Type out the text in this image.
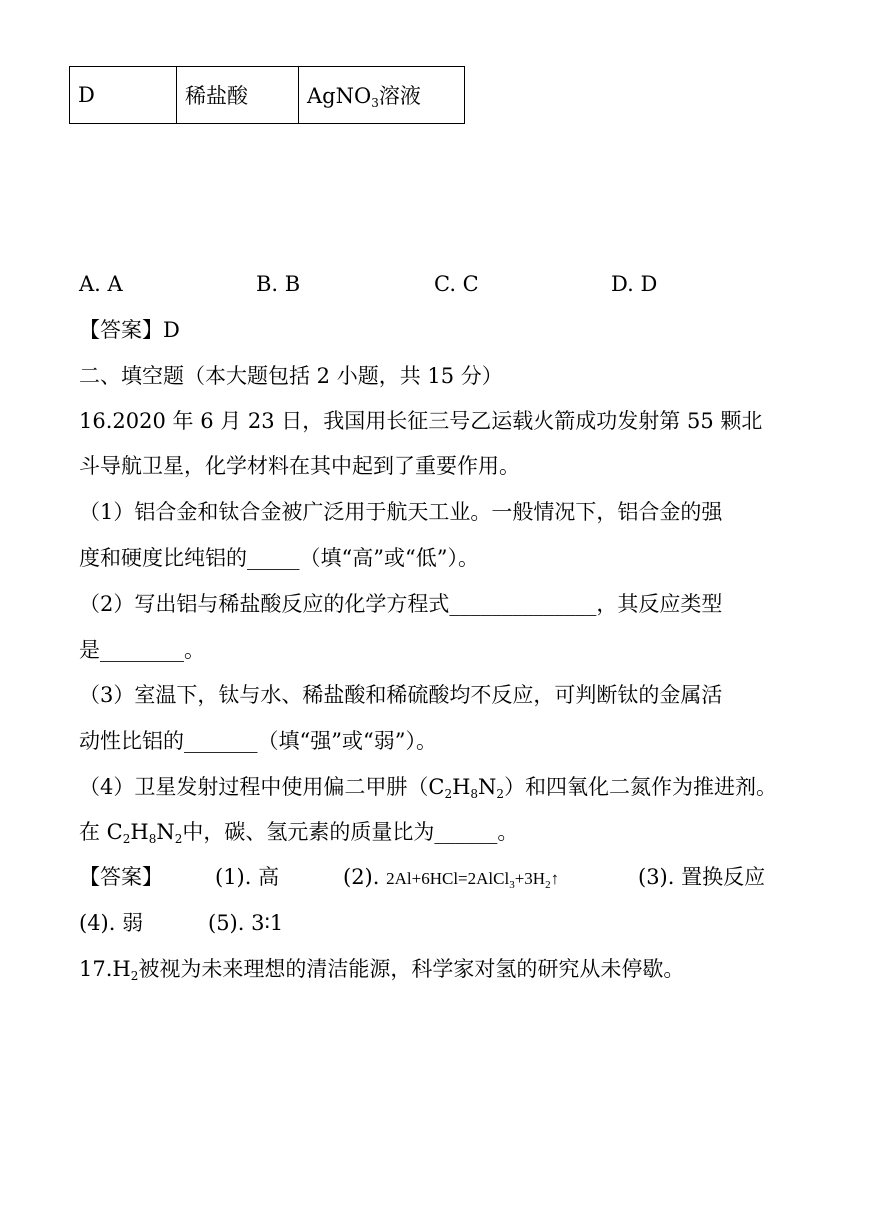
D	稀盐酸	AgNO$_3$溶液
A. A	B. B	C. C	D. D
【答案】D
二、填空题（本大题包括 2 小题，共 15 分）
16.2020 年 6 月 23 日，我国用长征三号乙运载火箭成功发射第 55 颗北
斗导航卫星，化学材料在其中起到了重要作用。
（1）铝合金和钛合金被广泛用于航天工业。一般情况下，铝合金的强
度和硬度比纯铝的_____（填“高”或“低”）。
（2）写出铝与稀盐酸反应的化学方程式______________，其反应类型
是________。
（3）室温下，钛与水、稀盐酸和稀硫酸均不反应，可判断钛的金属活
动性比铝的_______（填“强”或“弱”）。
（4）卫星发射过程中使用偏二甲肼$(C_2H_8N_2)$和四氧化二氮作为推进剂。
在 $C_2H_8N_2$中，碳、氢元素的质量比为______。
【答案】 (1). 高	(2). $2Al+6HCl=2AlCl_3+3H_2↑$	(3). 置换反应
(4). 弱	(5). 3∶1
$17.H_2$被视为未来理想的清洁能源，科学家对氢的研究从未停歇。
